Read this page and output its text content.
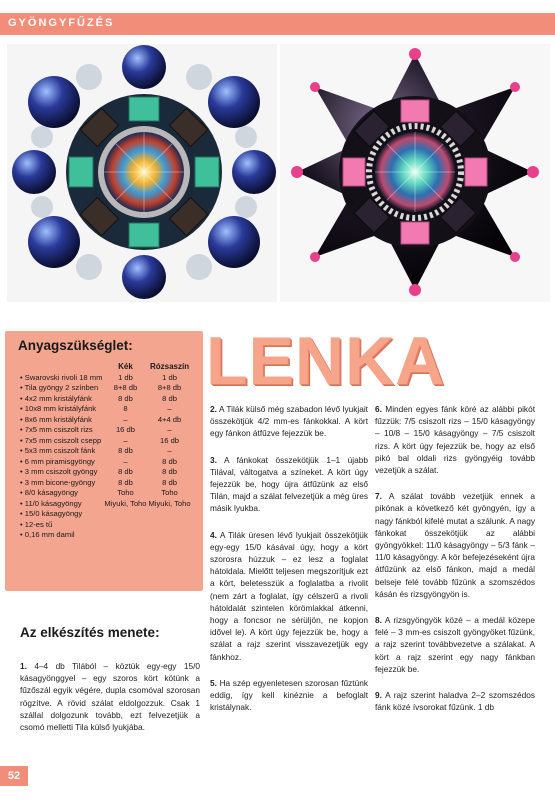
GYÖNGYFŰZÉS
Anyagszükséglet:
	Kék	Rózsaszín
• Swarovski rivoli 18 mm	1 db	1 db
• Tila gyöngy 2 színben	8+8 db	8+8 db
• 4x2 mm kristályfánk	8 db	8 db
• 10x8 mm kristályfánk	8	–
• 8x6 mm kristályfánk	–	4+4 db
• 7x5 mm csiszolt rizs	16 db	–
• 7x5 mm csiszolt csepp	–	16 db
• 5x3 mm csiszolt fánk	8 db	–
• 6 mm piramisgyöngy	–	8 db
• 3 mm csiszolt gyöngy	8 db	8 db
• 3 mm bicone-gyöngy	8 db	8 db
• 8/0 kásagyöngy	Toho	Toho
• 11/0 kásagyöngy	Miyuki, Toho	Miyuki, Toho
• 15/0 kásagyöngy		
• 12-es tű		
• 0,16 mm damil		
LENKA
Az elkészítés menete:

1. 4–4 db Tilából – köztük egy-egy 15/0 kásagyönggyel – egy szoros kört kötünk a fűzőszál egyik végére, dupla csomóval szorosan rögzítve. A rövid szálat eldolgozzuk. Csak 1 szállal dolgozunk tovább, ezt felvezetjük a csomó melletti Tila külső lyukjába.

2. A Tilák külső még szabadon lévő lyukjait összekötjük 4/2 mm-es fánkokkal. A kört egy fánkon átfűzve fejezzük be.

3. A fánkokat összekötjük 1–1 újabb Tilával, váltogatva a színeket. A kört úgy fejezzük be, hogy újra átfűzünk az első Tilán, majd a szálat felvezetjük a még üres másik lyukba.

4. A Tilák üresen lévő lyukjait összekötjük egy-egy 15/0 kásával úgy, hogy a kört szorosra húzzuk – ez lesz a foglalat hátoldala. Mielőtt teljesen megszorítjuk ezt a kört, beletesszük a foglalatba a rivolit (nem zárt a foglalat, így célszerű a rivoli hátoldalát szintelen körömlakkal átkenni, hogy a foncsor ne sérüljön, ne kopjon idővel le). A kört úgy fejezzük be, hogy a szálat a rajz szerint visszavezetjük egy fánkhoz.

5. Ha szép egyenletesen szorosan fűztünk eddig, így kell kinéznie a befoglalt kristálynak.

6. Minden egyes fánk köré az alábbi pikót fűzzük: 7/5 csiszolt rizs – 15/0 kásagyöngy – 10/8 – 15/0 kásagyöngy – 7/5 csiszolt rizs. A kört úgy fejezzük be, hogy az első pikó bal oldali rizs gyöngyéig tovább vezetjük a szálat.

7. A szálat tovább vezetjük ennek a pikónak a következő két gyöngyén, így a nagy fánkból kifelé mutat a szálunk. A nagy fánkokat összekötjük az alábbi gyöngyökkel: 11/0 kásagyöngy – 5/3 fánk – 11/0 kásagyöngy. A kör befejezéseként újra átfűzünk az első fánkon, majd a medál belseje felé tovább fűzünk a szomszédos kásán és rizsgyöngyön is.

8. A rizsgyöngyök közé – a medál közepe felé – 3 mm-es csiszolt gyöngyöket fűzünk, a rajz szerint továbbvezetve a szálakat. A kört a rajz szerint egy nagy fánkban fejezzük be.

9. A rajz szerint haladva 2–2 szomszédos fánk közé ívsorokat fűzünk. 1 db

52
